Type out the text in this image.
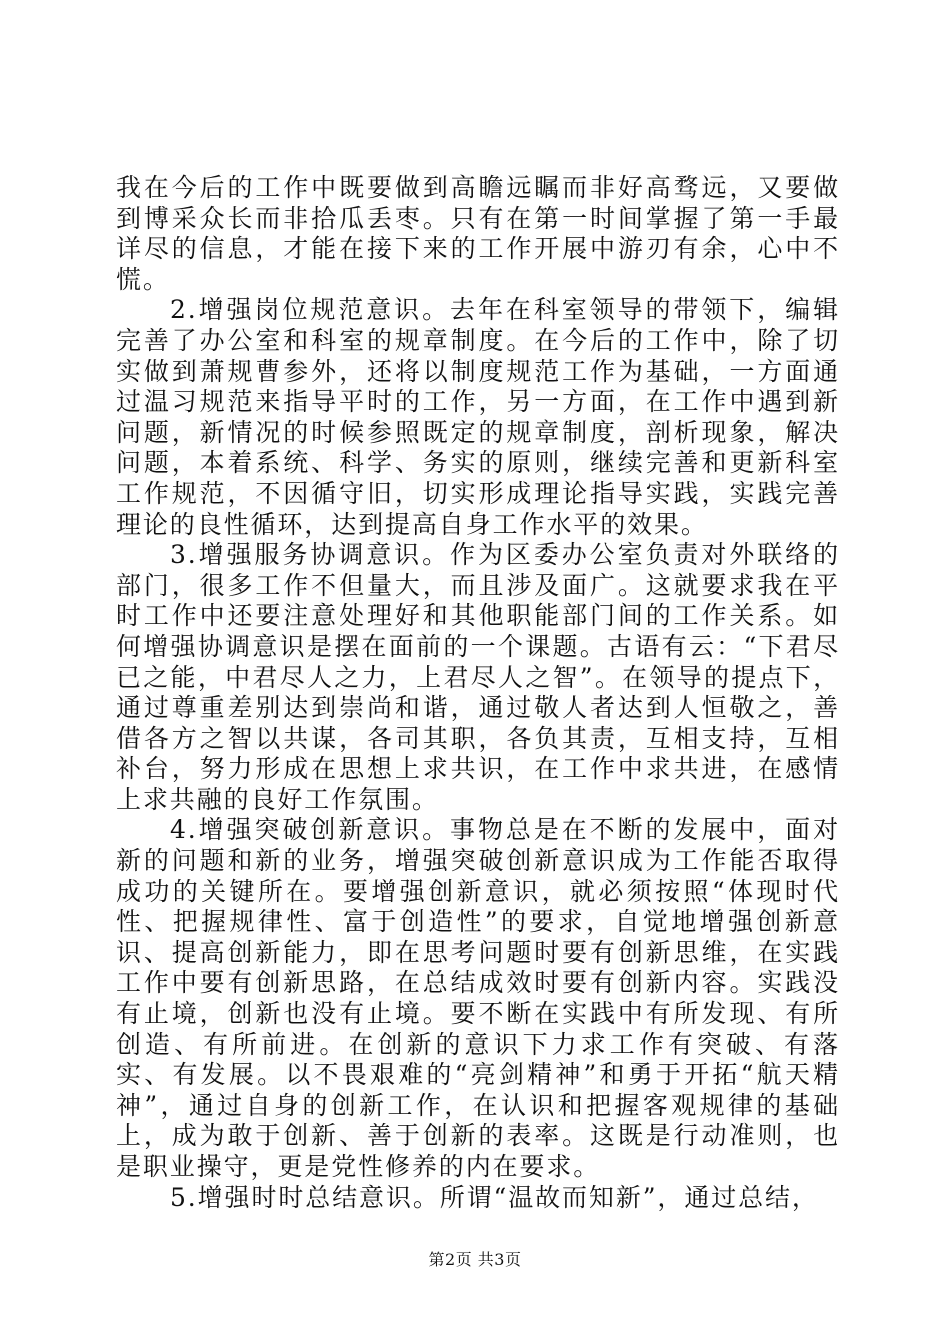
我在今后的工作中既要做到高瞻远瞩而非好高骛远，又要做到博采众长而非拾瓜丢枣。只有在第一时间掌握了第一手最详尽的信息，才能在接下来的工作开展中游刃有余，心中不慌。

2.增强岗位规范意识。去年在科室领导的带领下，编辑完善了办公室和科室的规章制度。在今后的工作中，除了切实做到萧规曹参外，还将以制度规范工作为基础，一方面通过温习规范来指导平时的工作，另一方面，在工作中遇到新问题，新情况的时候参照既定的规章制度，剖析现象，解决问题，本着系统、科学、务实的原则，继续完善和更新科室工作规范，不因循守旧，切实形成理论指导实践，实践完善理论的良性循环，达到提高自身工作水平的效果。

3.增强服务协调意识。作为区委办公室负责对外联络的部门，很多工作不但量大，而且涉及面广。这就要求我在平时工作中还要注意处理好和其他职能部门间的工作关系。如何增强协调意识是摆在面前的一个课题。古语有云：“下君尽已之能，中君尽人之力，上君尽人之智”。在领导的提点下，通过尊重差别达到崇尚和谐，通过敬人者达到人恒敬之，善借各方之智以共谋，各司其职，各负其责，互相支持，互相补台，努力形成在思想上求共识，在工作中求共进，在感情上求共融的良好工作氛围。

4.增强突破创新意识。事物总是在不断的发展中，面对新的问题和新的业务，增强突破创新意识成为工作能否取得成功的关键所在。要增强创新意识，就必须按照“体现时代性、把握规律性、富于创造性”的要求，自觉地增强创新意识、提高创新能力，即在思考问题时要有创新思维，在实践工作中要有创新思路，在总结成效时要有创新内容。实践没有止境，创新也没有止境。要不断在实践中有所发现、有所创造、有所前进。在创新的意识下力求工作有突破、有落实、有发展。以不畏艰难的“亮剑精神”和勇于开拓“航天精神”，通过自身的创新工作，在认识和把握客观规律的基础上，成为敢于创新、善于创新的表率。这既是行动准则，也是职业操守，更是党性修养的内在要求。

5.增强时时总结意识。所谓“温故而知新”，通过总结，

第2页 共3页
